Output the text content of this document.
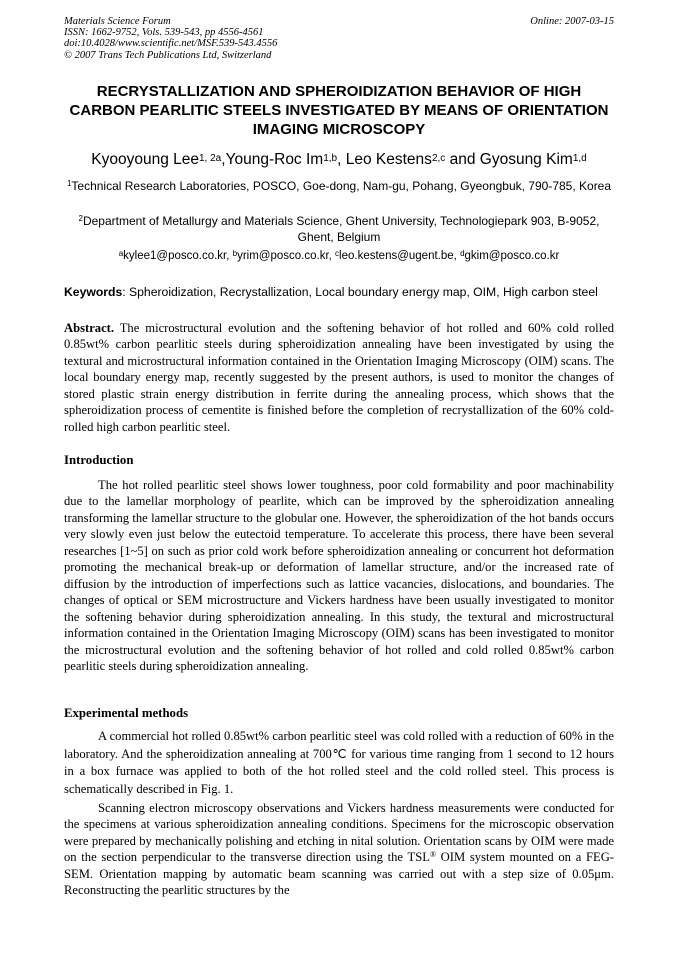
Materials Science Forum
ISSN: 1662-9752, Vols. 539-543, pp 4556-4561
doi:10.4028/www.scientific.net/MSF.539-543.4556
© 2007 Trans Tech Publications Ltd, Switzerland
Online: 2007-03-15
RECRYSTALLIZATION AND SPHEROIDIZATION BEHAVIOR OF HIGH CARBON PEARLITIC STEELS INVESTIGATED BY MEANS OF ORIENTATION IMAGING MICROSCOPY
Kyooyoung Lee$^{1, 2a}$,Young-Roc Im$^{1,b}$, Leo Kestens$^{2,c}$ and Gyosung Kim$^{1,d}$
$^1$Technical Research Laboratories, POSCO, Goe-dong, Nam-gu, Pohang, Gyeongbuk, 790-785, Korea
$^2$Department of Metallurgy and Materials Science, Ghent University, Technologiepark 903, B-9052, Ghent, Belgium
$^a$kylee1@posco.co.kr, $^b$yrim@posco.co.kr, $^c$leo.kestens@ugent.be, $^d$gkim@posco.co.kr
Keywords: Spheroidization, Recrystallization, Local boundary energy map, OIM, High carbon steel
Abstract. The microstructural evolution and the softening behavior of hot rolled and 60% cold rolled 0.85wt% carbon pearlitic steels during spheroidization annealing have been investigated by using the textural and microstructural information contained in the Orientation Imaging Microscopy (OIM) scans. The local boundary energy map, recently suggested by the present authors, is used to monitor the changes of stored plastic strain energy distribution in ferrite during the annealing process, which shows that the spheroidization process of cementite is finished before the completion of recrystallization of the 60% cold-rolled high carbon pearlitic steel.
Introduction
The hot rolled pearlitic steel shows lower toughness, poor cold formability and poor machinability due to the lamellar morphology of pearlite, which can be improved by the spheroidization annealing transforming the lamellar structure to the globular one. However, the spheroidization of the hot bands occurs very slowly even just below the eutectoid temperature. To accelerate this process, there have been several researches [1~5] on such as prior cold work before spheroidization annealing or concurrent hot deformation promoting the mechanical break-up or deformation of lamellar structure, and/or the increased rate of diffusion by the introduction of imperfections such as lattice vacancies, dislocations, and boundaries. The changes of optical or SEM microstructure and Vickers hardness have been usually investigated to monitor the softening behavior during spheroidization annealing. In this study, the textural and microstructural information contained in the Orientation Imaging Microscopy (OIM) scans has been investigated to monitor the microstructural evolution and the softening behavior of hot rolled and cold rolled 0.85wt% carbon pearlitic steels during spheroidization annealing.
Experimental methods
A commercial hot rolled 0.85wt% carbon pearlitic steel was cold rolled with a reduction of 60% in the laboratory. And the spheroidization annealing at 700℃ for various time ranging from 1 second to 12 hours in a box furnace was applied to both of the hot rolled steel and the cold rolled steel. This process is schematically described in Fig. 1.
Scanning electron microscopy observations and Vickers hardness measurements were conducted for the specimens at various spheroidization annealing conditions. Specimens for the microscopic observation were prepared by mechanically polishing and etching in nital solution. Orientation scans by OIM were made on the section perpendicular to the transverse direction using the TSL® OIM system mounted on a FEG-SEM. Orientation mapping by automatic beam scanning was carried out with a step size of 0.05μm. Reconstructing the pearlitic structures by the
